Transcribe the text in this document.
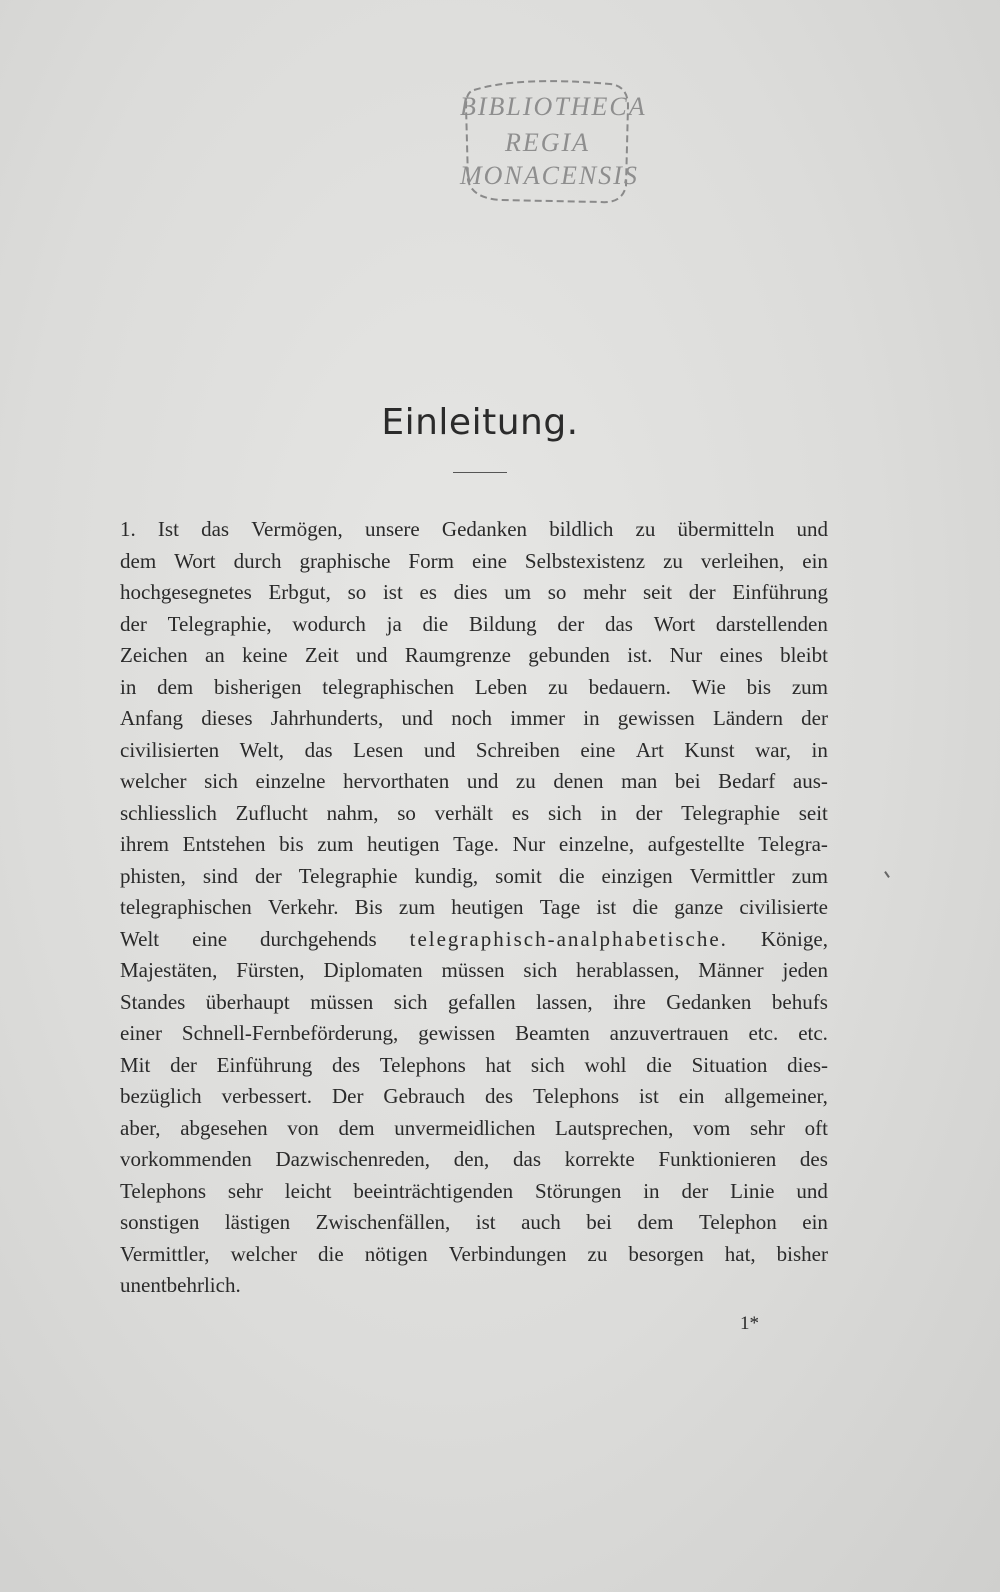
BIBLIOTHECA
REGIA
MONACENSIS
Einleitung.
1. Ist das Vermögen, unsere Gedanken bildlich zu übermitteln und
dem Wort durch graphische Form eine Selbstexistenz zu verleihen, ein
hochgesegnetes Erbgut, so ist es dies um so mehr seit der Einführung
der Telegraphie, wodurch ja die Bildung der das Wort darstellenden
Zeichen an keine Zeit und Raumgrenze gebunden ist. Nur eines bleibt
in dem bisherigen telegraphischen Leben zu bedauern. Wie bis zum
Anfang dieses Jahrhunderts, und noch immer in gewissen Ländern der
civilisierten Welt, das Lesen und Schreiben eine Art Kunst war, in
welcher sich einzelne hervorthaten und zu denen man bei Bedarf aus-
schliesslich Zuflucht nahm, so verhält es sich in der Telegraphie seit
ihrem Entstehen bis zum heutigen Tage. Nur einzelne, aufgestellte Telegra-
phisten, sind der Telegraphie kundig, somit die einzigen Vermittler zum
telegraphischen Verkehr. Bis zum heutigen Tage ist die ganze civilisierte
Welt eine durchgehends telegraphisch-analphabetische. Könige,
Majestäten, Fürsten, Diplomaten müssen sich herablassen, Männer jeden
Standes überhaupt müssen sich gefallen lassen, ihre Gedanken behufs
einer Schnell-Fernbeförderung, gewissen Beamten anzuvertrauen etc. etc.
Mit der Einführung des Telephons hat sich wohl die Situation dies-
bezüglich verbessert. Der Gebrauch des Telephons ist ein allgemeiner,
aber, abgesehen von dem unvermeidlichen Lautsprechen, vom sehr oft
vorkommenden Dazwischenreden, den, das korrekte Funktionieren des
Telephons sehr leicht beeinträchtigenden Störungen in der Linie und
sonstigen lästigen Zwischenfällen, ist auch bei dem Telephon ein
Vermittler, welcher die nötigen Verbindungen zu besorgen hat, bisher
unentbehrlich.
1*
